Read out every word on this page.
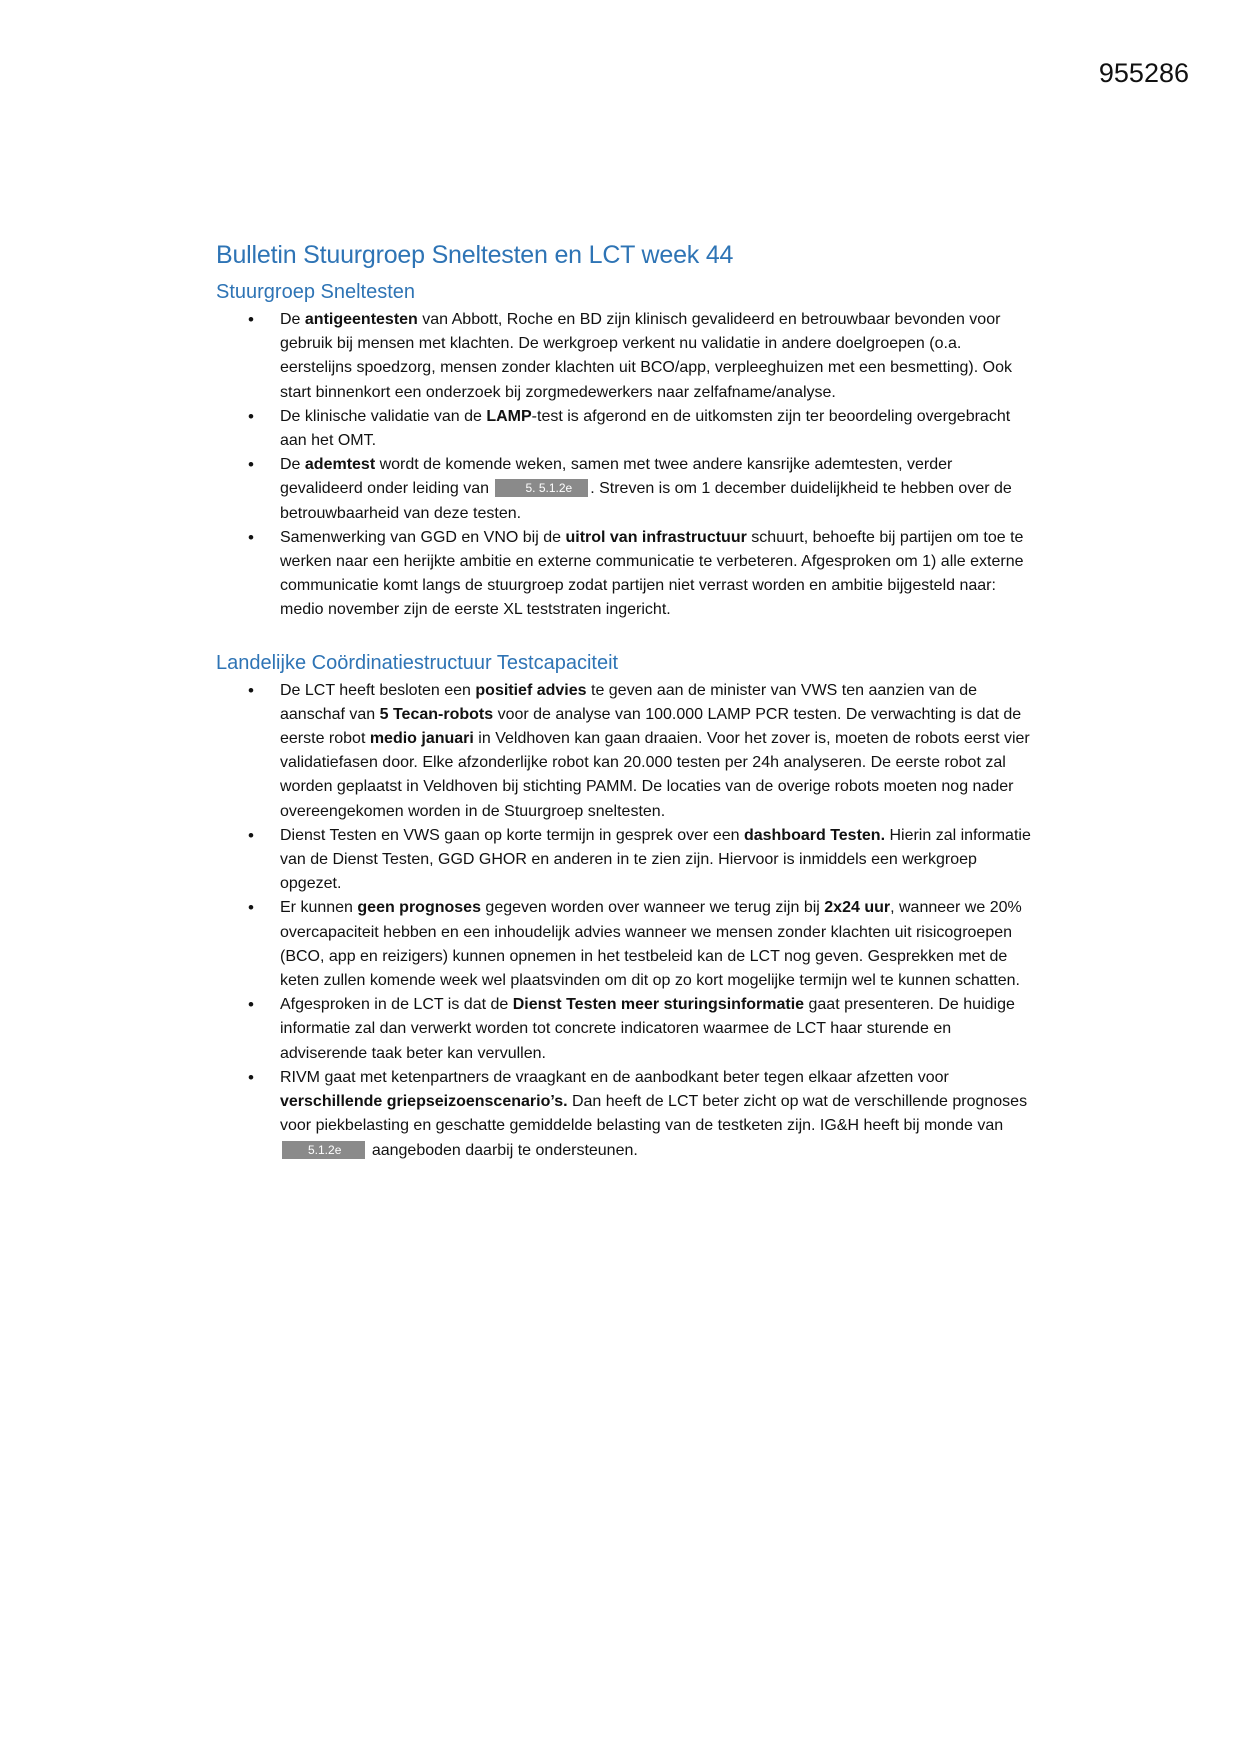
955286

Bulletin Stuurgroep Sneltesten en LCT week 44
Stuurgroep Sneltesten
• De antigeentesten van Abbott, Roche en BD zijn klinisch gevalideerd en betrouwbaar bevonden voor gebruik bij mensen met klachten. De werkgroep verkent nu validatie in andere doelgroepen (o.a. eerstelijns spoedzorg, mensen zonder klachten uit BCO/app, verpleeghuizen met een besmetting). Ook start binnenkort een onderzoek bij zorgmedewerkers naar zelfafname/analyse.
• De klinische validatie van de LAMP-test is afgerond en de uitkomsten zijn ter beoordeling overgebracht aan het OMT.
• De ademtest wordt de komende weken, samen met twee andere kansrijke ademtesten, verder gevalideerd onder leiding van	5. 5.1.2e . Streven is om 1 december duidelijkheid te hebben over de betrouwbaarheid van deze testen.
• Samenwerking van GGD en VNO bij de uitrol van infrastructuur schuurt, behoefte bij partijen om toe te werken naar een herijkte ambitie en externe communicatie te verbeteren. Afgesproken om 1) alle externe communicatie komt langs de stuurgroep zodat partijen niet verrast worden en ambitie bijgesteld naar: medio november zijn de eerste XL teststraten ingericht.
Landelijke Coördinatiestructuur Testcapaciteit
• De LCT heeft besloten een positief advies te geven aan de minister van VWS ten aanzien van de aanschaf van 5 Tecan-robots voor de analyse van 100.000 LAMP PCR testen. De verwachting is dat de eerste robot medio januari in Veldhoven kan gaan draaien. Voor het zover is, moeten de robots eerst vier validatiefasen door. Elke afzonderlijke robot kan 20.000 testen per 24h analyseren. De eerste robot zal worden geplaatst in Veldhoven bij stichting PAMM. De locaties van de overige robots moeten nog nader overeengekomen worden in de Stuurgroep sneltesten.
• Dienst Testen en VWS gaan op korte termijn in gesprek over een dashboard Testen. Hierin zal informatie van de Dienst Testen, GGD GHOR en anderen in te zien zijn. Hiervoor is inmiddels een werkgroep opgezet.
• Er kunnen geen prognoses gegeven worden over wanneer we terug zijn bij 2x24 uur, wanneer we 20% overcapaciteit hebben en een inhoudelijk advies wanneer we mensen zonder klachten uit risicogroepen (BCO, app en reizigers) kunnen opnemen in het testbeleid kan de LCT nog geven. Gesprekken met de keten zullen komende week wel plaatsvinden om dit op zo kort mogelijke termijn wel te kunnen schatten.
• Afgesproken in de LCT is dat de Dienst Testen meer sturingsinformatie gaat presenteren. De huidige informatie zal dan verwerkt worden tot concrete indicatoren waarmee de LCT haar sturende en adviserende taak beter kan vervullen.
• RIVM gaat met ketenpartners de vraagkant en de aanbodkant beter tegen elkaar afzetten voor verschillende griepseizoenscenario’s. Dan heeft de LCT beter zicht op wat de verschillende prognoses voor piekbelasting en geschatte gemiddelde belasting van de testketen zijn. IG&H heeft bij monde van 5.1.2e aangeboden daarbij te ondersteunen.
